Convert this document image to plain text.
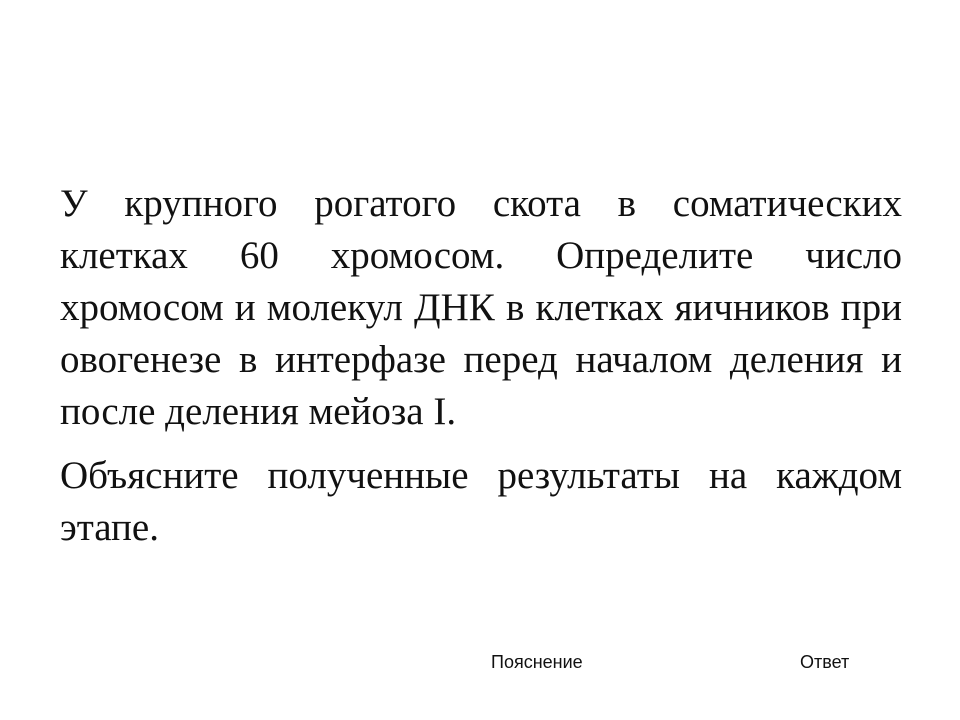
У крупного рогатого скота в соматических клетках 60 хромосом. Определите число хромосом и молекул ДНК в клетках яичников при овогенезе в интерфазе перед началом деления и после деления мейоза I.

Объясните полученные результаты на каждом этапе.

Пояснение	Ответ
